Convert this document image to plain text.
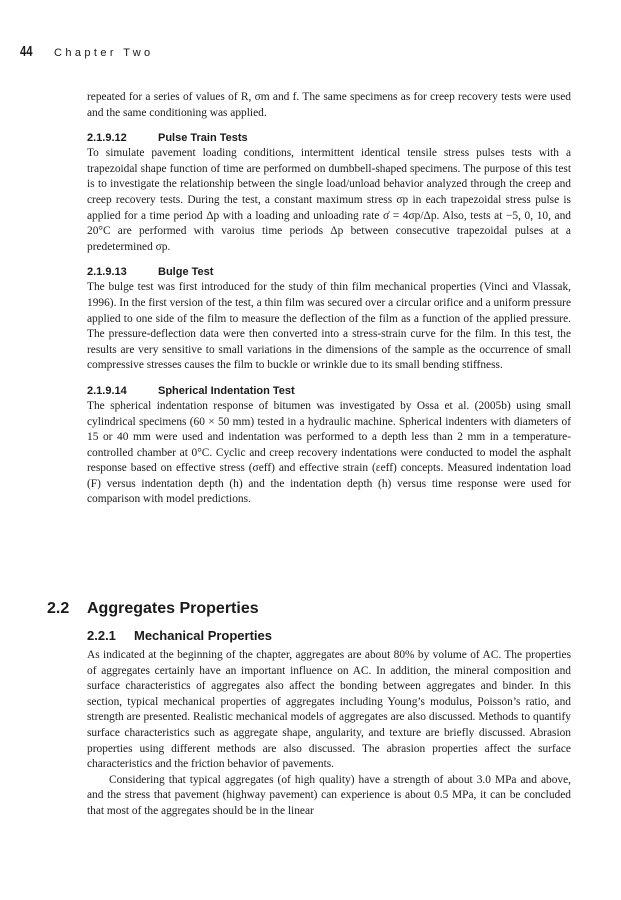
44	Chapter Two

repeated for a series of values of R, σm and f. The same specimens as for creep recovery tests were used and the same conditioning was applied.

2.1.9.12	Pulse Train Tests

To simulate pavement loading conditions, intermittent identical tensile stress pulses tests with a trapezoidal shape function of time are performed on dumbbell-shaped specimens. The purpose of this test is to investigate the relationship between the single load/unload behavior analyzed through the creep and creep recovery tests. During the test, a constant maximum stress σp in each trapezoidal stress pulse is applied for a time period Δp with a loading and unloading rate σ̇ = 4σp/Δp. Also, tests at −5, 0, 10, and 20°C are performed with varoius time periods Δp between consecutive trapezoidal pulses at a predetermined σp.

2.1.9.13	Bulge Test

The bulge test was first introduced for the study of thin film mechanical properties (Vinci and Vlassak, 1996). In the first version of the test, a thin film was secured over a circular orifice and a uniform pressure applied to one side of the film to measure the deflection of the film as a function of the applied pressure. The pressure-deflection data were then converted into a stress-strain curve for the film. In this test, the results are very sensitive to small variations in the dimensions of the sample as the occurrence of small compressive stresses causes the film to buckle or wrinkle due to its small bending stiffness.

2.1.9.14	Spherical Indentation Test

The spherical indentation response of bitumen was investigated by Ossa et al. (2005b) using small cylindrical specimens (60 × 50 mm) tested in a hydraulic machine. Spherical indenters with diameters of 15 or 40 mm were used and indentation was performed to a depth less than 2 mm in a temperature-controlled chamber at 0°C. Cyclic and creep recovery indentations were conducted to model the asphalt response based on effective stress (σeff) and effective strain (εeff) concepts. Measured indentation load (F) versus indentation depth (h) and the indentation depth (h) versus time response were used for comparison with model predictions.

2.2	Aggregates Properties
2.2.1 Mechanical Properties

As indicated at the beginning of the chapter, aggregates are about 80% by volume of AC. The properties of aggregates certainly have an important influence on AC. In addition, the mineral composition and surface characteristics of aggregates also affect the bonding between aggregates and binder. In this section, typical mechanical properties of aggregates including Young’s modulus, Poisson’s ratio, and strength are presented. Realistic mechanical models of aggregates are also discussed. Methods to quantify surface characteristics such as aggregate shape, angularity, and texture are briefly discussed. Abrasion properties using different methods are also discussed. The abrasion properties affect the surface characteristics and the friction behavior of pavements.

Considering that typical aggregates (of high quality) have a strength of about 3.0 MPa and above, and the stress that pavement (highway pavement) can experience is about 0.5 MPa, it can be concluded that most of the aggregates should be in the linear
